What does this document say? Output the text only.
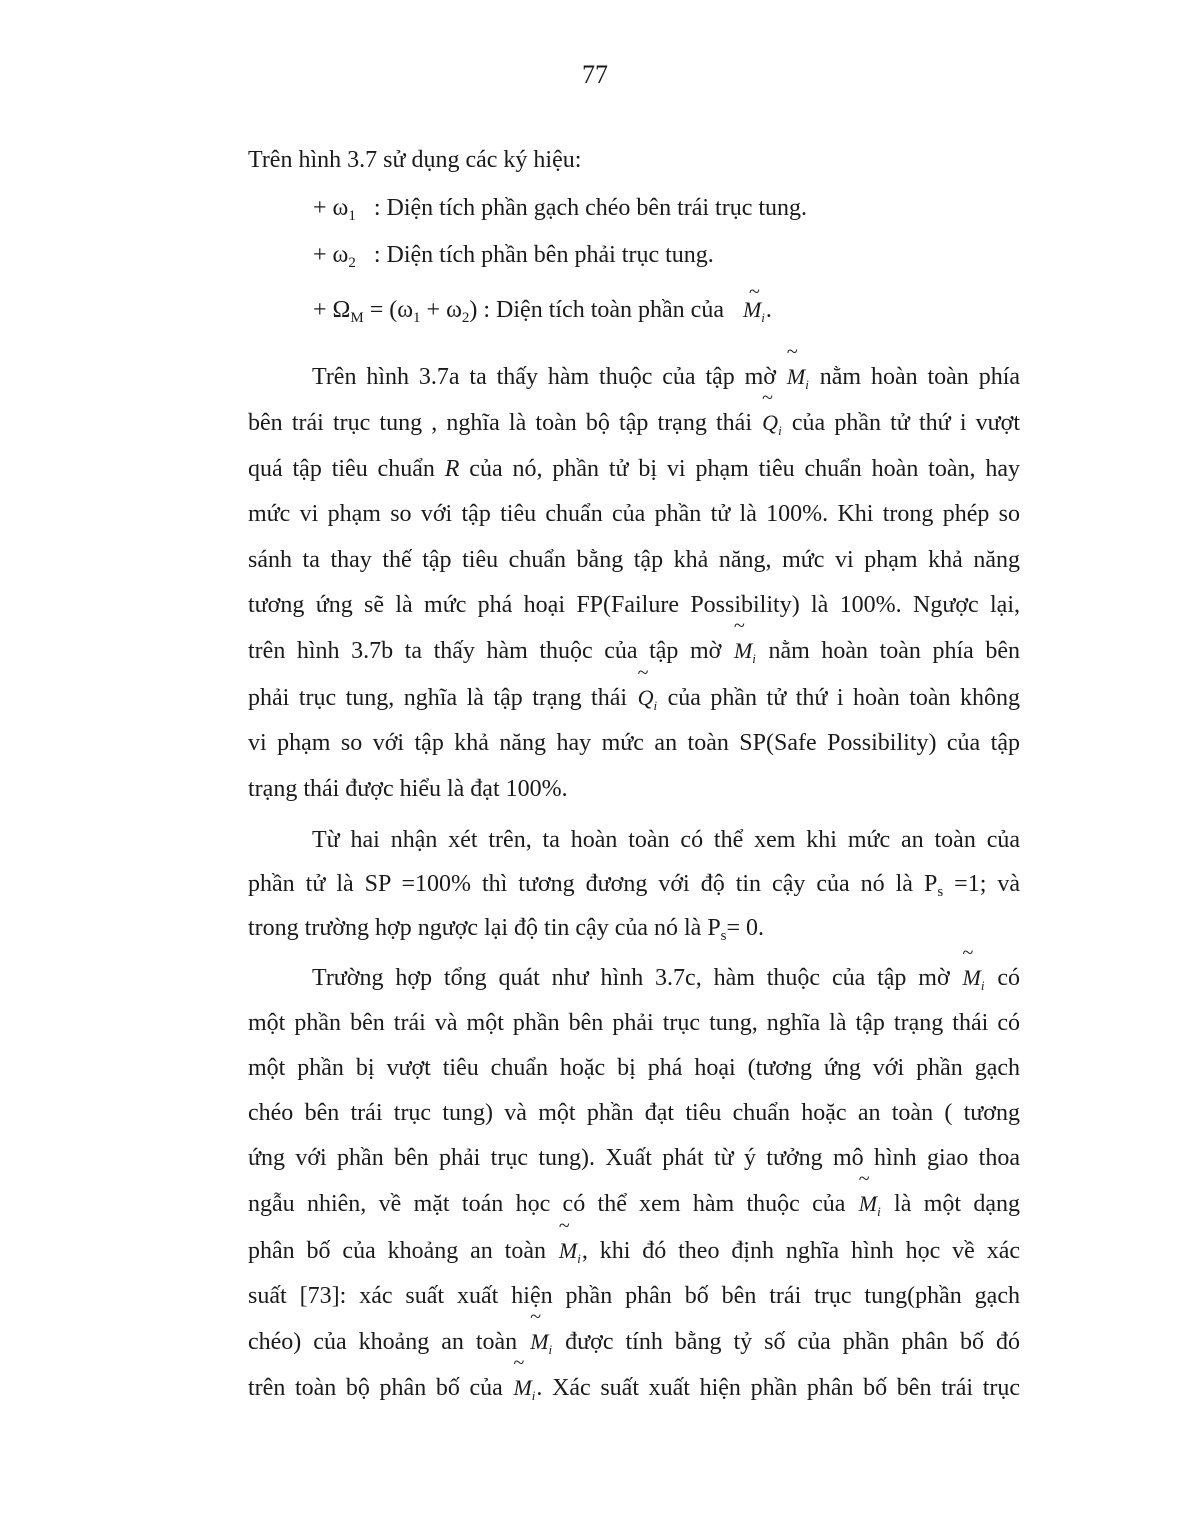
77

Trên hình 3.7 sử dụng các ký hiệu:

+ $\omega_1$ : Diện tích phần gạch chéo bên trái trục tung.

+ $\omega_2$ : Diện tích phần bên phải trục tung.

+ $\Omega_M = (\omega_1 + \omega_2)$ : Diện tích toàn phần của
~
$M_i$.

Trên hình 3.7a ta thấy hàm thuộc của tập mờ
~
$M_i$ nằm hoàn toàn phía

bên trái trục tung , nghĩa là toàn bộ tập trạng thái
~
$Q_i$ của phần tử thứ i vượt

quá tập tiêu chuẩn R của nó, phần tử bị vi phạm tiêu chuẩn hoàn toàn, hay

mức vi phạm so với tập tiêu chuẩn của phần tử là 100%. Khi trong phép so

sánh ta thay thế tập tiêu chuẩn bằng tập khả năng, mức vi phạm khả năng

tương ứng sẽ là mức phá hoại FP(Failure Possibility) là 100%. Ngược lại,

trên hình 3.7b ta thấy hàm thuộc của tập mờ
~
$M_i$ nằm hoàn toàn phía bên

phải trục tung, nghĩa là tập trạng thái
~
$Q_i$ của phần tử thứ i hoàn toàn không

vi phạm so với tập khả năng hay mức an toàn SP(Safe Possibility) của tập

trạng thái được hiểu là đạt 100%.

Từ hai nhận xét trên, ta hoàn toàn có thể xem khi mức an toàn của

phần tử là SP =100% thì tương đương với độ tin cậy của nó là $P_s =1$; và

trong trường hợp ngược lại độ tin cậy của nó là $P_s= 0$.

Trường hợp tổng quát như hình 3.7c, hàm thuộc của tập mờ
~
$M_i$ có

một phần bên trái và một phần bên phải trục tung, nghĩa là tập trạng thái có

một phần bị vượt tiêu chuẩn hoặc bị phá hoại (tương ứng với phần gạch

chéo bên trái trục tung) và một phần đạt tiêu chuẩn hoặc an toàn ( tương

ứng với phần bên phải trục tung). Xuất phát từ ý tưởng mô hình giao thoa

ngẫu nhiên, về mặt toán học có thể xem hàm thuộc của
~
$M_i$ là một dạng

phân bố của khoảng an toàn
~
$M_i$, khi đó theo định nghĩa hình học về xác

suất [73]: xác suất xuất hiện phần phân bố bên trái trục tung(phần gạch

chéo) của khoảng an toàn
~
$M_i$ được tính bằng tỷ số của phần phân bố đó

trên toàn bộ phân bố của
~
$M_i$. Xác suất xuất hiện phần phân bố bên trái trục
